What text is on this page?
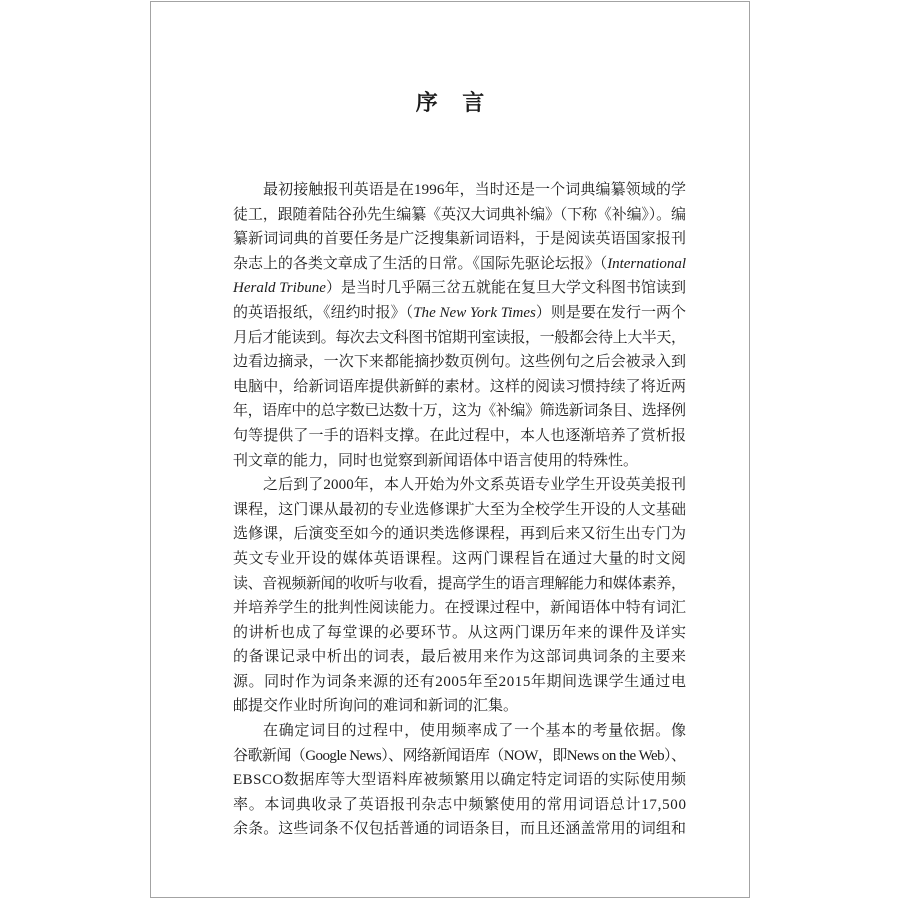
序 言
最初接触报刊英语是在1996年，当时还是一个词典编纂领域的学
徒工，跟随着陆谷孙先生编纂《英汉大词典补编》（下称《补编》）。编
纂新词词典的首要任务是广泛搜集新词语料，于是阅读英语国家报刊
杂志上的各类文章成了生活的日常。《国际先驱论坛报》（International
Herald Tribune）是当时几乎隔三岔五就能在复旦大学文科图书馆读到
的英语报纸，《纽约时报》（The New York Times）则是要在发行一两个
月后才能读到。每次去文科图书馆期刊室读报，一般都会待上大半天，
边看边摘录，一次下来都能摘抄数页例句。这些例句之后会被录入到
电脑中，给新词语库提供新鲜的素材。这样的阅读习惯持续了将近两
年，语库中的总字数已达数十万，这为《补编》筛选新词条目、选择例
句等提供了一手的语料支撑。在此过程中，本人也逐渐培养了赏析报
刊文章的能力，同时也觉察到新闻语体中语言使用的特殊性。
之后到了2000年，本人开始为外文系英语专业学生开设英美报刊
课程，这门课从最初的专业选修课扩大至为全校学生开设的人文基础
选修课，后演变至如今的通识类选修课程，再到后来又衍生出专门为
英文专业开设的媒体英语课程。这两门课程旨在通过大量的时文阅
读、音视频新闻的收听与收看，提高学生的语言理解能力和媒体素养，
并培养学生的批判性阅读能力。在授课过程中，新闻语体中特有词汇
的讲析也成了每堂课的必要环节。从这两门课历年来的课件及详实
的备课记录中析出的词表，最后被用来作为这部词典词条的主要来
源。同时作为词条来源的还有2005年至2015年期间选课学生通过电
邮提交作业时所询问的难词和新词的汇集。
在确定词目的过程中，使用频率成了一个基本的考量依据。像
谷歌新闻（Google News）、网络新闻语库（NOW，即News on the Web）、
EBSCO数据库等大型语料库被频繁用以确定特定词语的实际使用频
率。本词典收录了英语报刊杂志中频繁使用的常用词语总计17,500
余条。这些词条不仅包括普通的词语条目，而且还涵盖常用的词组和
